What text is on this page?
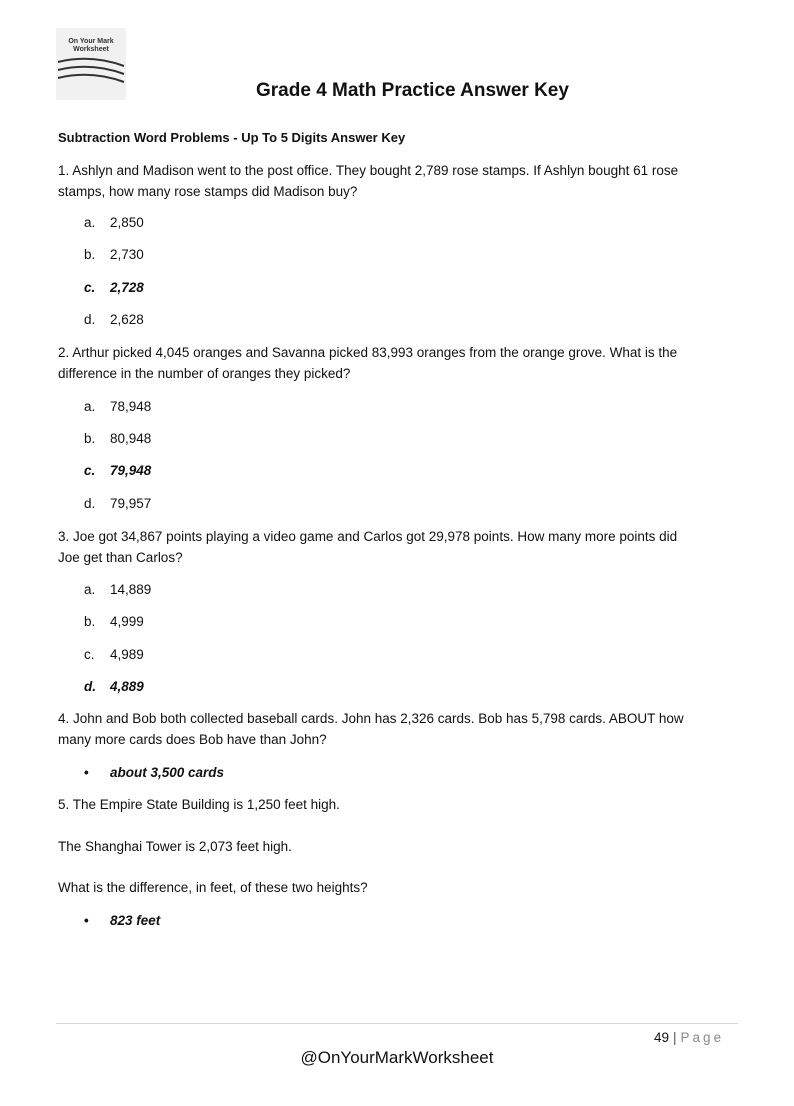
On Your Mark
Worksheet
Grade 4 Math Practice Answer Key
Subtraction Word Problems - Up To 5 Digits Answer Key
1. Ashlyn and Madison went to the post office. They bought 2,789 rose stamps. If Ashlyn bought 61 rose
stamps, how many rose stamps did Madison buy?
a. 2,850
b. 2,730
c. 2,728
d. 2,628
2. Arthur picked 4,045 oranges and Savanna picked 83,993 oranges from the orange grove. What is the
difference in the number of oranges they picked?
a. 78,948
b. 80,948
c. 79,948
d. 79,957
3. Joe got 34,867 points playing a video game and Carlos got 29,978 points. How many more points did
Joe get than Carlos?
a. 14,889
b. 4,999
c. 4,989
d. 4,889
4. John and Bob both collected baseball cards. John has 2,326 cards. Bob has 5,798 cards. ABOUT how
many more cards does Bob have than John?
• about 3,500 cards
5. The Empire State Building is 1,250 feet high.
The Shanghai Tower is 2,073 feet high.
What is the difference, in feet, of these two heights?
• 823 feet
49 | Page
@OnYourMarkWorksheet
